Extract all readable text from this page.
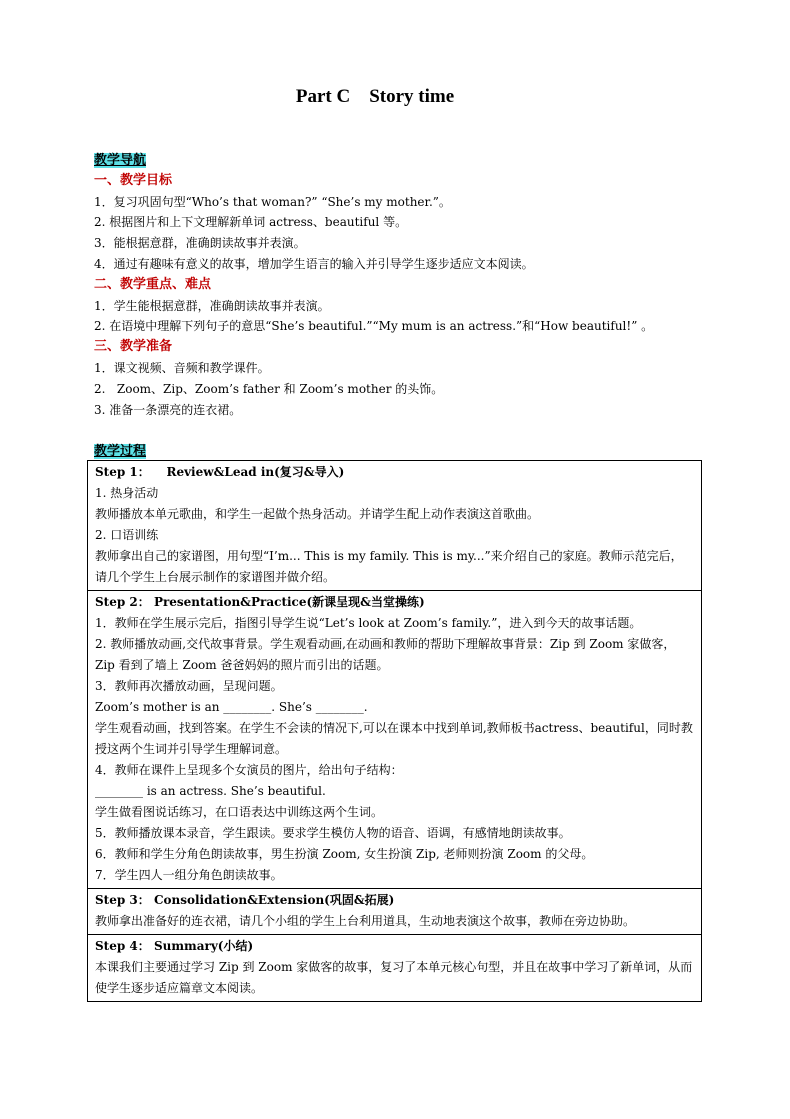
Part C    Story time
教学导航
一、教学目标
1．复习巩固句型“Who’s that woman?” “She’s my mother.”。
2. 根据图片和上下文理解新单词 actress、beautiful 等。
3．能根据意群，准确朗读故事并表演。
4．通过有趣味有意义的故事，增加学生语言的输入并引导学生逐步适应文本阅读。
二、教学重点、难点
1．学生能根据意群，准确朗读故事并表演。
2. 在语境中理解下列句子的意思“She’s beautiful.”“My mum is an actress.”和“How beautiful!” 。
三、教学准备
1．课文视频、音频和教学课件。
2.   Zoom、Zip、Zoom’s father 和 Zoom’s mother 的头饰。
3. 准备一条漂亮的连衣裙。
教学过程
Step 1：    Review&Lead in(复习&导入)
1. 热身活动
教师播放本单元歌曲，和学生一起做个热身活动。并请学生配上动作表演这首歌曲。
2. 口语训练
教师拿出自己的家谱图，用句型“I’m... This is my family. This is my...”来介绍自己的家庭。教师示范完后，请几个学生上台展示制作的家谱图并做介绍。

Step 2： Presentation&Practice(新课呈现&当堂操练)
1．教师在学生展示完后，指图引导学生说“Let’s look at Zoom’s family.”，进入到今天的故事话题。
2. 教师播放动画,交代故事背景。学生观看动画,在动画和教师的帮助下理解故事背景：Zip 到 Zoom 家做客，Zip 看到了墙上 Zoom 爸爸妈妈的照片而引出的话题。
3．教师再次播放动画，呈现问题。
Zoom’s mother is an ________. She’s ________.
学生观看动画，找到答案。在学生不会读的情况下,可以在课本中找到单词,教师板书actress、beautiful，同时教授这两个生词并引导学生理解词意。
4．教师在课件上呈现多个女演员的图片，给出句子结构：
________ is an actress. She’s beautiful.
学生做看图说话练习，在口语表达中训练这两个生词。
5．教师播放课本录音，学生跟读。要求学生模仿人物的语音、语调，有感情地朗读故事。
6．教师和学生分角色朗读故事，男生扮演 Zoom, 女生扮演 Zip, 老师则扮演 Zoom 的父母。
7．学生四人一组分角色朗读故事。

Step 3： Consolidation&Extension(巩固&拓展)
教师拿出准备好的连衣裙，请几个小组的学生上台利用道具，生动地表演这个故事，教师在旁边协助。

Step 4： Summary(小结)
本课我们主要通过学习 Zip 到 Zoom 家做客的故事，复习了本单元核心句型，并且在故事中学习了新单词，从而使学生逐步适应篇章文本阅读。
